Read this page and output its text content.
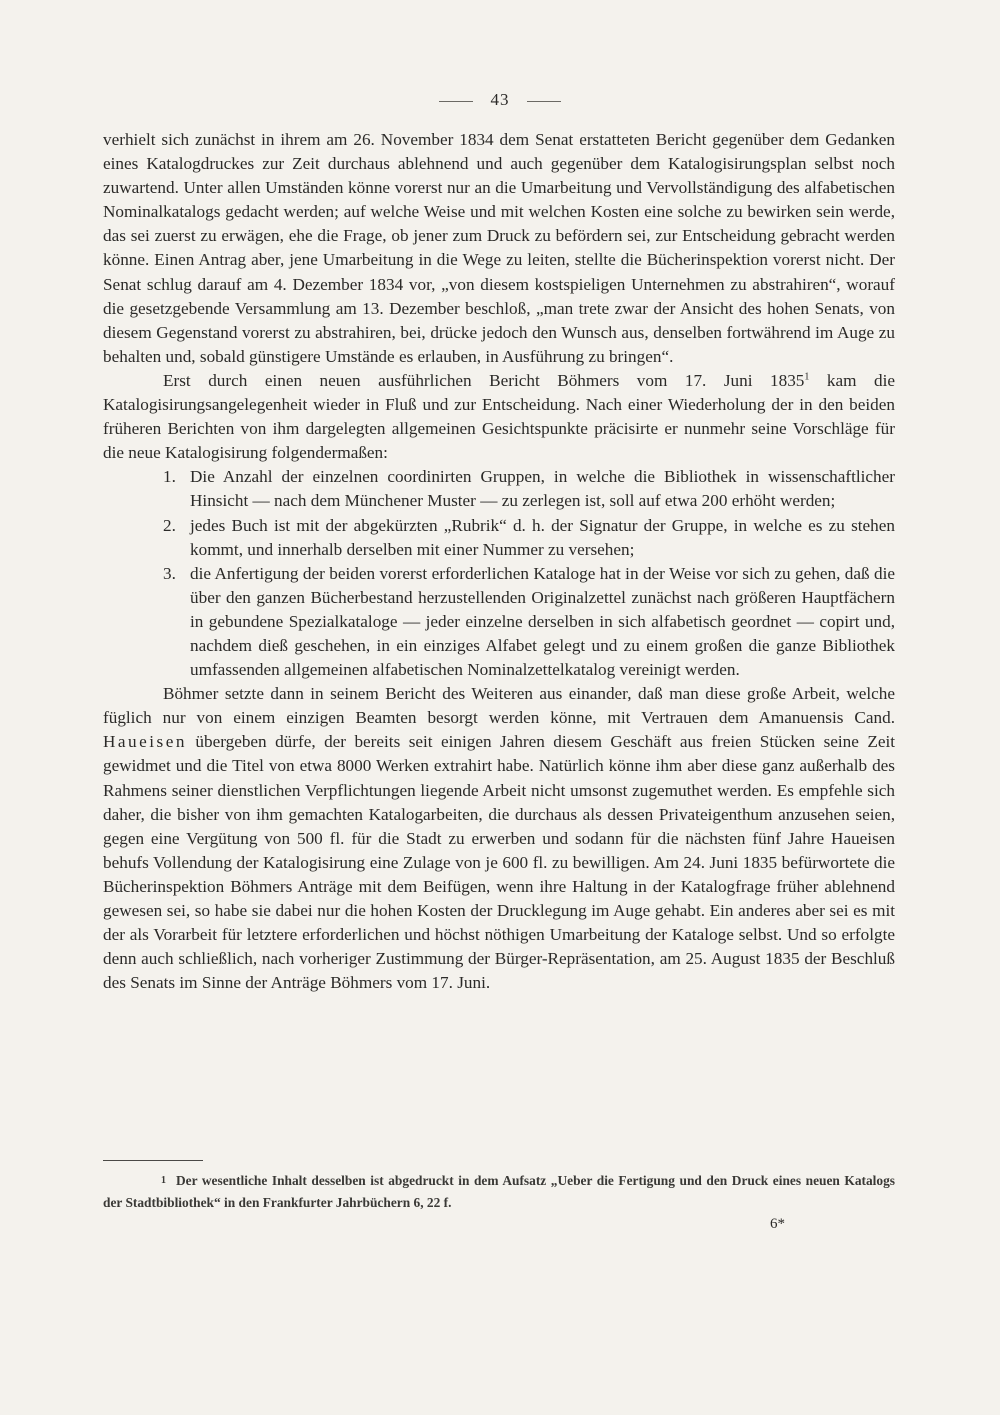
43

verhielt sich zunächst in ihrem am 26. November 1834 dem Senat erstatteten Bericht gegenüber dem Gedanken eines Katalogdruckes zur Zeit durchaus ablehnend und auch gegenüber dem Katalogisirungsplan selbst noch zuwartend. Unter allen Umständen könne vorerst nur an die Umarbeitung und Vervollständigung des alfabetischen Nominalkatalogs gedacht werden; auf welche Weise und mit welchen Kosten eine solche zu bewirken sein werde, das sei zuerst zu erwägen, ehe die Frage, ob jener zum Druck zu befördern sei, zur Entscheidung gebracht werden könne. Einen Antrag aber, jene Umarbeitung in die Wege zu leiten, stellte die Bücherinspektion vorerst nicht. Der Senat schlug darauf am 4. Dezember 1834 vor, „von diesem kostspieligen Unternehmen zu abstrahiren“, worauf die gesetzgebende Versammlung am 13. Dezember beschloß, „man trete zwar der Ansicht des hohen Senats, von diesem Gegenstand vorerst zu abstrahiren, bei, drücke jedoch den Wunsch aus, denselben fortwährend im Auge zu behalten und, sobald günstigere Umstände es erlauben, in Ausführung zu bringen“.

Erst durch einen neuen ausführlichen Bericht Böhmers vom 17. Juni 1835$^1$ kam die Katalogisirungsangelegenheit wieder in Fluß und zur Entscheidung. Nach einer Wiederholung der in den beiden früheren Berichten von ihm dargelegten allgemeinen Gesichtspunkte präcisirte er nunmehr seine Vorschläge für die neue Katalogisirung folgendermaßen:

1. Die Anzahl der einzelnen coordinirten Gruppen, in welche die Bibliothek in wissenschaftlicher Hinsicht — nach dem Münchener Muster — zu zerlegen ist, soll auf etwa 200 erhöht werden;
2. jedes Buch ist mit der abgekürzten „Rubrik“ d. h. der Signatur der Gruppe, in welche es zu stehen kommt, und innerhalb derselben mit einer Nummer zu versehen;
3. die Anfertigung der beiden vorerst erforderlichen Kataloge hat in der Weise vor sich zu gehen, daß die über den ganzen Bücherbestand herzustellenden Originalzettel zunächst nach größeren Hauptfächern in gebundene Spezialkataloge — jeder einzelne derselben in sich alfabetisch geordnet — copirt und, nachdem dieß geschehen, in ein einziges Alfabet gelegt und zu einem großen die ganze Bibliothek umfassenden allgemeinen alfabetischen Nominalzettelkatalog vereinigt werden.

Böhmer setzte dann in seinem Bericht des Weiteren aus einander, daß man diese große Arbeit, welche füglich nur von einem einzigen Beamten besorgt werden könne, mit Vertrauen dem Amanuensis Cand. Haueisen übergeben dürfe, der bereits seit einigen Jahren diesem Geschäft aus freien Stücken seine Zeit gewidmet und die Titel von etwa 8000 Werken extrahirt habe. Natürlich könne ihm aber diese ganz außerhalb des Rahmens seiner dienstlichen Verpflichtungen liegende Arbeit nicht umsonst zugemuthet werden. Es empfehle sich daher, die bisher von ihm gemachten Katalogarbeiten, die durchaus als dessen Privateigenthum anzusehen seien, gegen eine Vergütung von 500 fl. für die Stadt zu erwerben und sodann für die nächsten fünf Jahre Haueisen behufs Vollendung der Katalogisirung eine Zulage von je 600 fl. zu bewilligen. Am 24. Juni 1835 befürwortete die Bücherinspektion Böhmers Anträge mit dem Beifügen, wenn ihre Haltung in der Katalogfrage früher ablehnend gewesen sei, so habe sie dabei nur die hohen Kosten der Drucklegung im Auge gehabt. Ein anderes aber sei es mit der als Vorarbeit für letztere erforderlichen und höchst nöthigen Umarbeitung der Kataloge selbst. Und so erfolgte denn auch schließlich, nach vorheriger Zustimmung der Bürger-Repräsentation, am 25. August 1835 der Beschluß des Senats im Sinne der Anträge Böhmers vom 17. Juni.

$^1$ Der wesentliche Inhalt desselben ist abgedruckt in dem Aufsatz „Ueber die Fertigung und den Druck eines neuen Katalogs der Stadtbibliothek“ in den Frankfurter Jahrbüchern 6, 22 f.
6*
